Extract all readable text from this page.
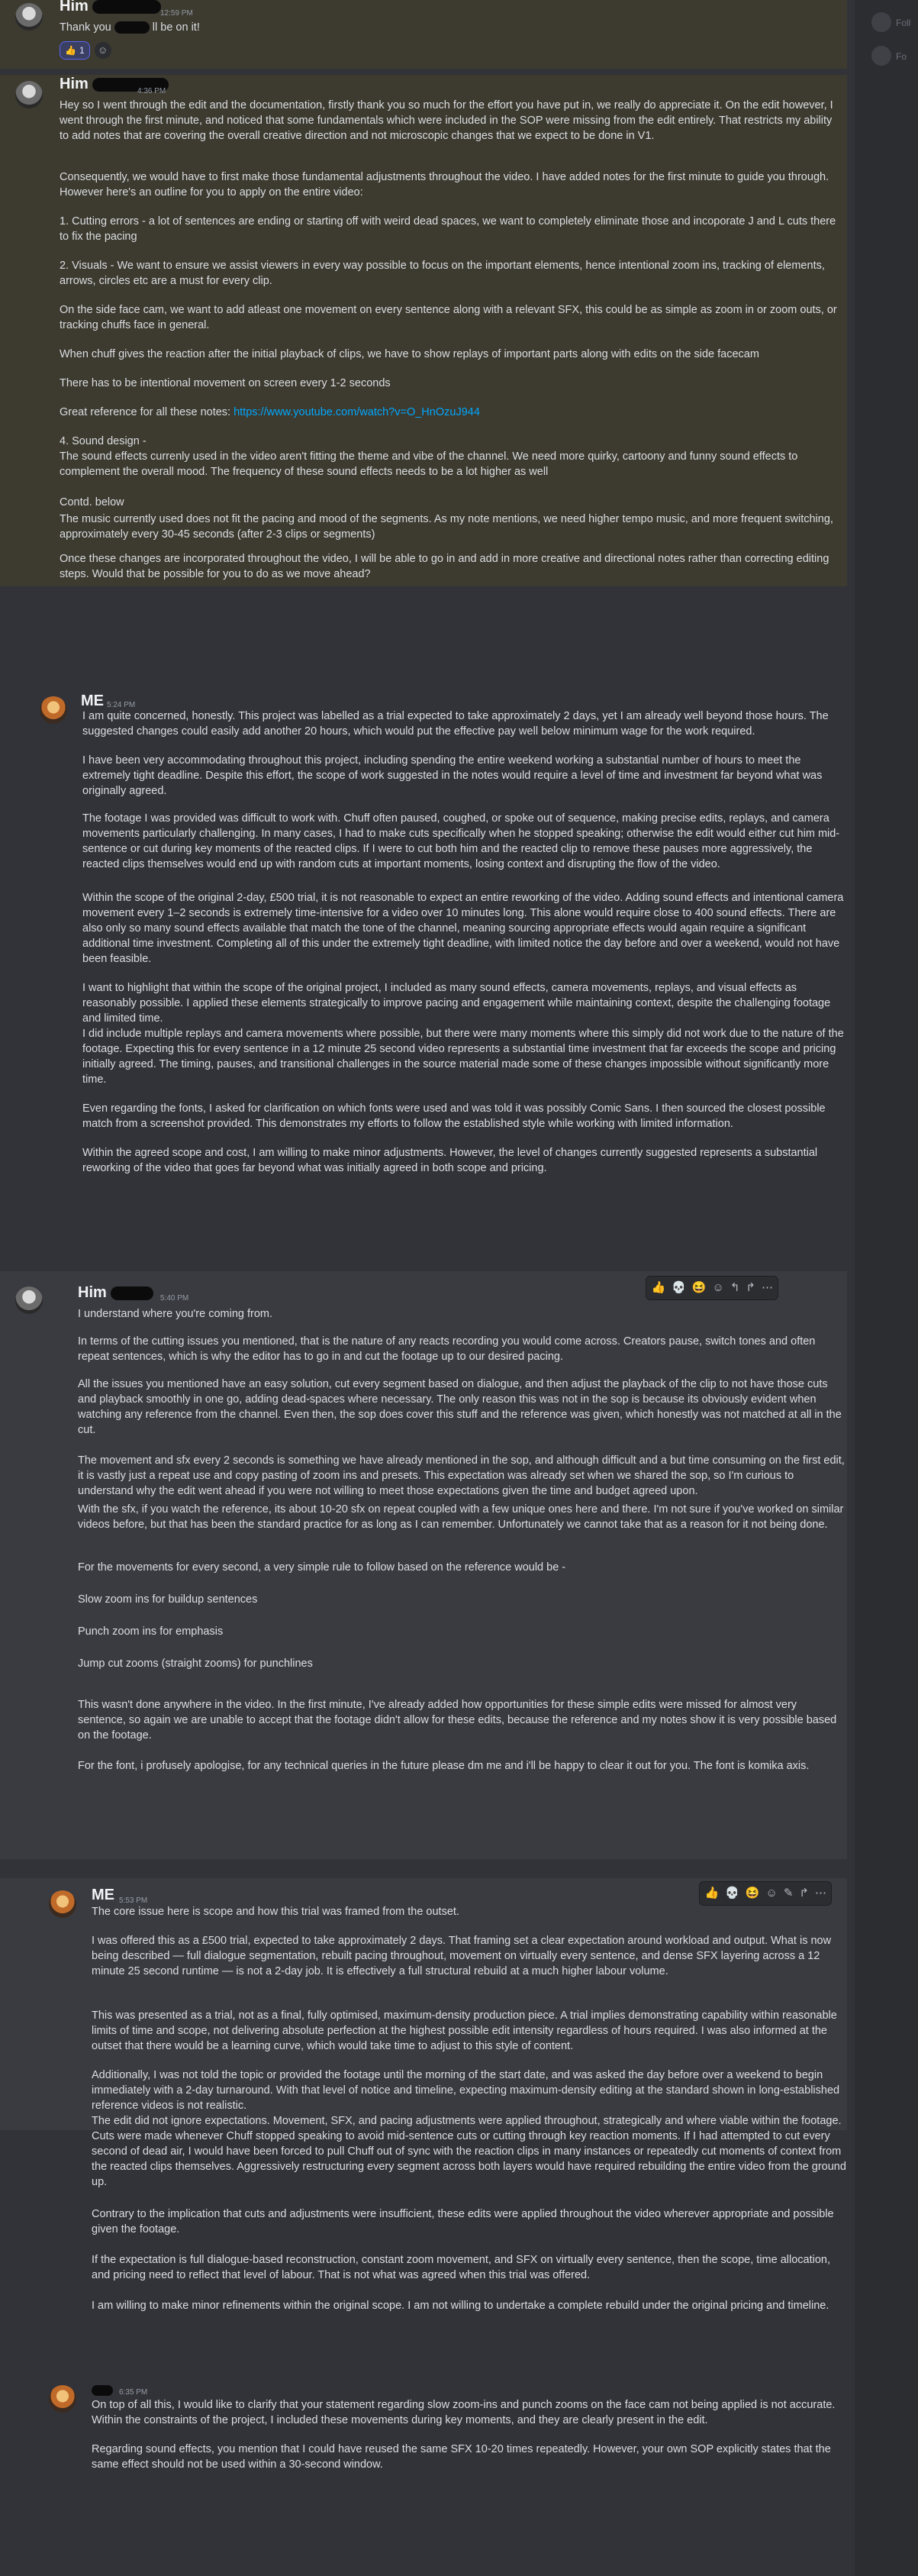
Foll
Fo
Him	12:59 PM
Thank you	ll be on it!
👍 1	☺
Him	4:36 PM

Hey so I went through the edit and the documentation, firstly thank you so much for the effort you have put in, we really do appreciate it. On the edit however, I went through the first minute, and noticed that some fundamentals which were included in the SOP were missing from the edit entirely. That restricts my ability to add notes that are covering the overall creative direction and not microscopic changes that we expect to be done in V1.

Consequently, we would have to first make those fundamental adjustments throughout the video. I have added notes for the first minute to guide you through. However here's an outline for you to apply on the entire video:

1. Cutting errors - a lot of sentences are ending or starting off with weird dead spaces, we want to completely eliminate those and incoporate J and L cuts there to fix the pacing

2. Visuals - We want to ensure we assist viewers in every way possible to focus on the important elements, hence intentional zoom ins, tracking of elements, arrows, circles etc are a must for every clip.

On the side face cam, we want to add atleast one movement on every sentence along with a relevant SFX, this could be as simple as zoom in or zoom outs, or tracking chuffs face in general.

When chuff gives the reaction after the initial playback of clips, we have to show replays of important parts along with edits on the side facecam

There has to be intentional movement on screen every 1-2 seconds

Great reference for all these notes: https://www.youtube.com/watch?v=O_HnOzuJ944

4. Sound design -

The sound effects currenly used in the video aren't fitting the theme and vibe of the channel. We need more quirky, cartoony and funny sound effects to complement the overall mood. The frequency of these sound effects needs to be a lot higher as well

Contd. below

The music currently used does not fit the pacing and mood of the segments. As my note mentions, we need higher tempo music, and more frequent switching, approximately every 30-45 seconds (after 2-3 clips or segments)

Once these changes are incorporated throughout the video, I will be able to go in and add in more creative and directional notes rather than correcting editing steps. Would that be possible for you to do as we move ahead?

ME 5:24 PM

I am quite concerned, honestly. This project was labelled as a trial expected to take approximately 2 days, yet I am already well beyond those hours. The suggested changes could easily add another 20 hours, which would put the effective pay well below minimum wage for the work required.

I have been very accommodating throughout this project, including spending the entire weekend working a substantial number of hours to meet the extremely tight deadline. Despite this effort, the scope of work suggested in the notes would require a level of time and investment far beyond what was originally agreed.

The footage I was provided was difficult to work with. Chuff often paused, coughed, or spoke out of sequence, making precise edits, replays, and camera movements particularly challenging. In many cases, I had to make cuts specifically when he stopped speaking; otherwise the edit would either cut him mid-sentence or cut during key moments of the reacted clips. If I were to cut both him and the reacted clip to remove these pauses more aggressively, the reacted clips themselves would end up with random cuts at important moments, losing context and disrupting the flow of the video.

Within the scope of the original 2-day, £500 trial, it is not reasonable to expect an entire reworking of the video. Adding sound effects and intentional camera movement every 1–2 seconds is extremely time-intensive for a video over 10 minutes long. This alone would require close to 400 sound effects. There are also only so many sound effects available that match the tone of the channel, meaning sourcing appropriate effects would again require a significant additional time investment. Completing all of this under the extremely tight deadline, with limited notice the day before and over a weekend, would not have been feasible.

I want to highlight that within the scope of the original project, I included as many sound effects, camera movements, replays, and visual effects as reasonably possible. I applied these elements strategically to improve pacing and engagement while maintaining context, despite the challenging footage and limited time.

I did include multiple replays and camera movements where possible, but there were many moments where this simply did not work due to the nature of the footage. Expecting this for every sentence in a 12 minute 25 second video represents a substantial time investment that far exceeds the scope and pricing initially agreed. The timing, pauses, and transitional challenges in the source material made some of these changes impossible without significantly more time.

Even regarding the fonts, I asked for clarification on which fonts were used and was told it was possibly Comic Sans. I then sourced the closest possible match from a screenshot provided. This demonstrates my efforts to follow the established style while working with limited information.

Within the agreed scope and cost, I am willing to make minor adjustments. However, the level of changes currently suggested represents a substantial reworking of the video that goes far beyond what was initially agreed in both scope and pricing.

👍 💀 😆 ☺ ↰ ↱ ⋯
Him	5:40 PM

I understand where you're coming from.

In terms of the cutting issues you mentioned, that is the nature of any reacts recording you would come across. Creators pause, switch tones and often repeat sentences, which is why the editor has to go in and cut the footage up to our desired pacing.

All the issues you mentioned have an easy solution, cut every segment based on dialogue, and then adjust the playback of the clip to not have those cuts and playback smoothly in one go, adding dead-spaces where necessary. The only reason this was not in the sop is because its obviously evident when watching any reference from the channel. Even then, the sop does cover this stuff and the reference was given, which honestly was not matched at all in the cut.

The movement and sfx every 2 seconds is something we have already mentioned in the sop, and although difficult and a but time consuming on the first edit, it is vastly just a repeat use and copy pasting of zoom ins and presets. This expectation was already set when we shared the sop, so I'm curious to understand why the edit went ahead if you were not willing to meet those expectations given the time and budget agreed upon.

With the sfx, if you watch the reference, its about 10-20 sfx on repeat coupled with a few unique ones here and there. I'm not sure if you've worked on similar videos before, but that has been the standard practice for as long as I can remember. Unfortunately we cannot take that as a reason for it not being done.

For the movements for every second, a very simple rule to follow based on the reference would be -

Slow zoom ins for buildup sentences

Punch zoom ins for emphasis

Jump cut zooms (straight zooms) for punchlines

This wasn't done anywhere in the video. In the first minute, I've already added how opportunities for these simple edits were missed for almost very sentence, so again we are unable to accept that the footage didn't allow for these edits, because the reference and my notes show it is very possible based on the footage.

For the font, i profusely apologise, for any technical queries in the future please dm me and i'll be happy to clear it out for you. The font is komika axis.

👍 💀 😆 ☺ ✎ ↱ ⋯
ME 5:53 PM

The core issue here is scope and how this trial was framed from the outset.

I was offered this as a £500 trial, expected to take approximately 2 days. That framing set a clear expectation around workload and output. What is now being described — full dialogue segmentation, rebuilt pacing throughout, movement on virtually every sentence, and dense SFX layering across a 12 minute 25 second runtime — is not a 2-day job. It is effectively a full structural rebuild at a much higher labour volume.

This was presented as a trial, not as a final, fully optimised, maximum-density production piece. A trial implies demonstrating capability within reasonable limits of time and scope, not delivering absolute perfection at the highest possible edit intensity regardless of hours required. I was also informed at the outset that there would be a learning curve, which would take time to adjust to this style of content.

Additionally, I was not told the topic or provided the footage until the morning of the start date, and was asked the day before over a weekend to begin immediately with a 2-day turnaround. With that level of notice and timeline, expecting maximum-density editing at the standard shown in long-established reference videos is not realistic.

The edit did not ignore expectations. Movement, SFX, and pacing adjustments were applied throughout, strategically and where viable within the footage. Cuts were made whenever Chuff stopped speaking to avoid mid-sentence cuts or cutting through key reaction moments. If I had attempted to cut every second of dead air, I would have been forced to pull Chuff out of sync with the reaction clips in many instances or repeatedly cut moments of context from the reacted clips themselves. Aggressively restructuring every segment across both layers would have required rebuilding the entire video from the ground up.

Contrary to the implication that cuts and adjustments were insufficient, these edits were applied throughout the video wherever appropriate and possible given the footage.

If the expectation is full dialogue-based reconstruction, constant zoom movement, and SFX on virtually every sentence, then the scope, time allocation, and pricing need to reflect that level of labour. That is not what was agreed when this trial was offered.

I am willing to make minor refinements within the original scope. I am not willing to undertake a complete rebuild under the original pricing and timeline.

6:35 PM

On top of all this, I would like to clarify that your statement regarding slow zoom-ins and punch zooms on the face cam not being applied is not accurate. Within the constraints of the project, I included these movements during key moments, and they are clearly present in the edit.

Regarding sound effects, you mention that I could have reused the same SFX 10-20 times repeatedly. However, your own SOP explicitly states that the same effect should not be used within a 30-second window.
